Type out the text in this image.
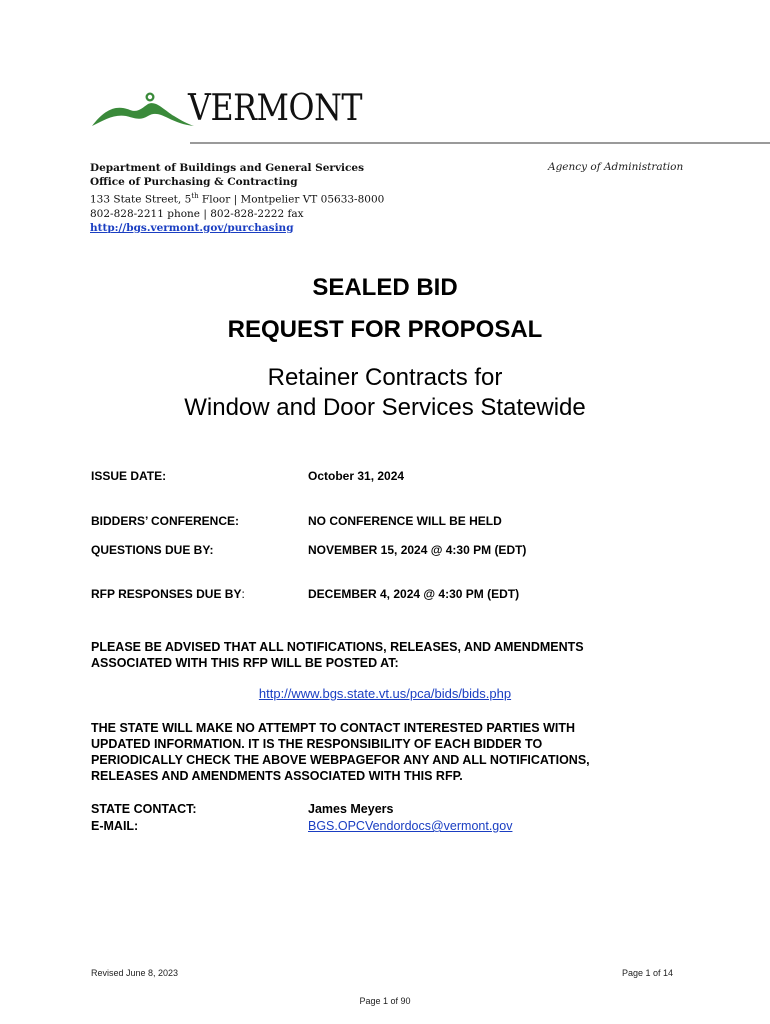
VERMONT
Department of Buildings and General Services
Office of Purchasing & Contracting
133 State Street, 5th Floor | Montpelier VT 05633-8000
802-828-2211 phone | 802-828-2222 fax
http://bgs.vermont.gov/purchasing
Agency of Administration
SEALED BID
REQUEST FOR PROPOSAL
Retainer Contracts for
Window and Door Services Statewide
ISSUE DATE:	October 31, 2024
BIDDERS’ CONFERENCE:	NO CONFERENCE WILL BE HELD
QUESTIONS DUE BY:	NOVEMBER 15, 2024 @ 4:30 PM (EDT)
RFP RESPONSES DUE BY:	DECEMBER 4, 2024 @ 4:30 PM (EDT)
PLEASE BE ADVISED THAT ALL NOTIFICATIONS, RELEASES, AND AMENDMENTS
ASSOCIATED WITH THIS RFP WILL BE POSTED AT:
http://www.bgs.state.vt.us/pca/bids/bids.php
THE STATE WILL MAKE NO ATTEMPT TO CONTACT INTERESTED PARTIES WITH
UPDATED INFORMATION. IT IS THE RESPONSIBILITY OF EACH BIDDER TO
PERIODICALLY CHECK THE ABOVE WEBPAGEFOR ANY AND ALL NOTIFICATIONS,
RELEASES AND AMENDMENTS ASSOCIATED WITH THIS RFP.
STATE CONTACT:	James Meyers
E-MAIL:	BGS.OPCVendordocs@vermont.gov
Revised June 8, 2023	Page 1 of 14
Page 1 of 90
